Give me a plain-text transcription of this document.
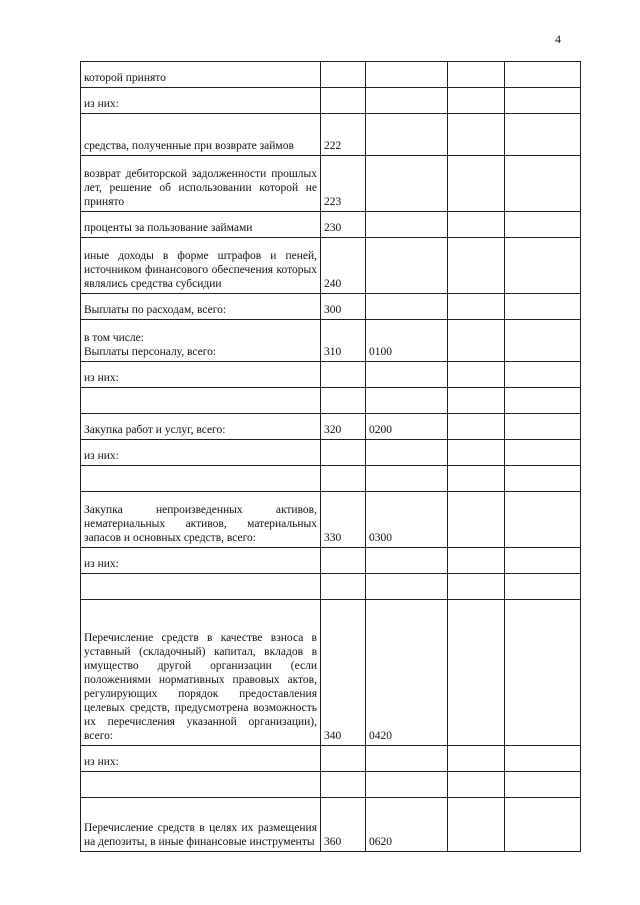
4
которой принято				
из них:				
средства, полученные при возврате займов	222			
возврат дебиторской задолженности прошлых лет, решение об использовании которой не принято	223			
проценты за пользование займами	230			
иные доходы в форме штрафов и пеней, источником финансового обеспечения которых являлись средства субсидии	240			
Выплаты по расходам, всего:	300			
в том числе:
Выплаты персоналу, всего:	310	0100		
из них:				

Закупка работ и услуг, всего:	320	0200		
из них:				

Закупка непроизведенных активов, нематериальных активов, материальных запасов и основных средств, всего:	330	0300		
из них:				

Перечисление средств в качестве взноса в уставный (складочный) капитал, вкладов в имущество другой организации (если положениями нормативных правовых актов, регулирующих порядок предоставления целевых средств, предусмотрена возможность их перечисления указанной организации), всего:	340	0420		
из них:				

Перечисление средств в целях их размещения на депозиты, в иные финансовые инструменты	360	0620		
